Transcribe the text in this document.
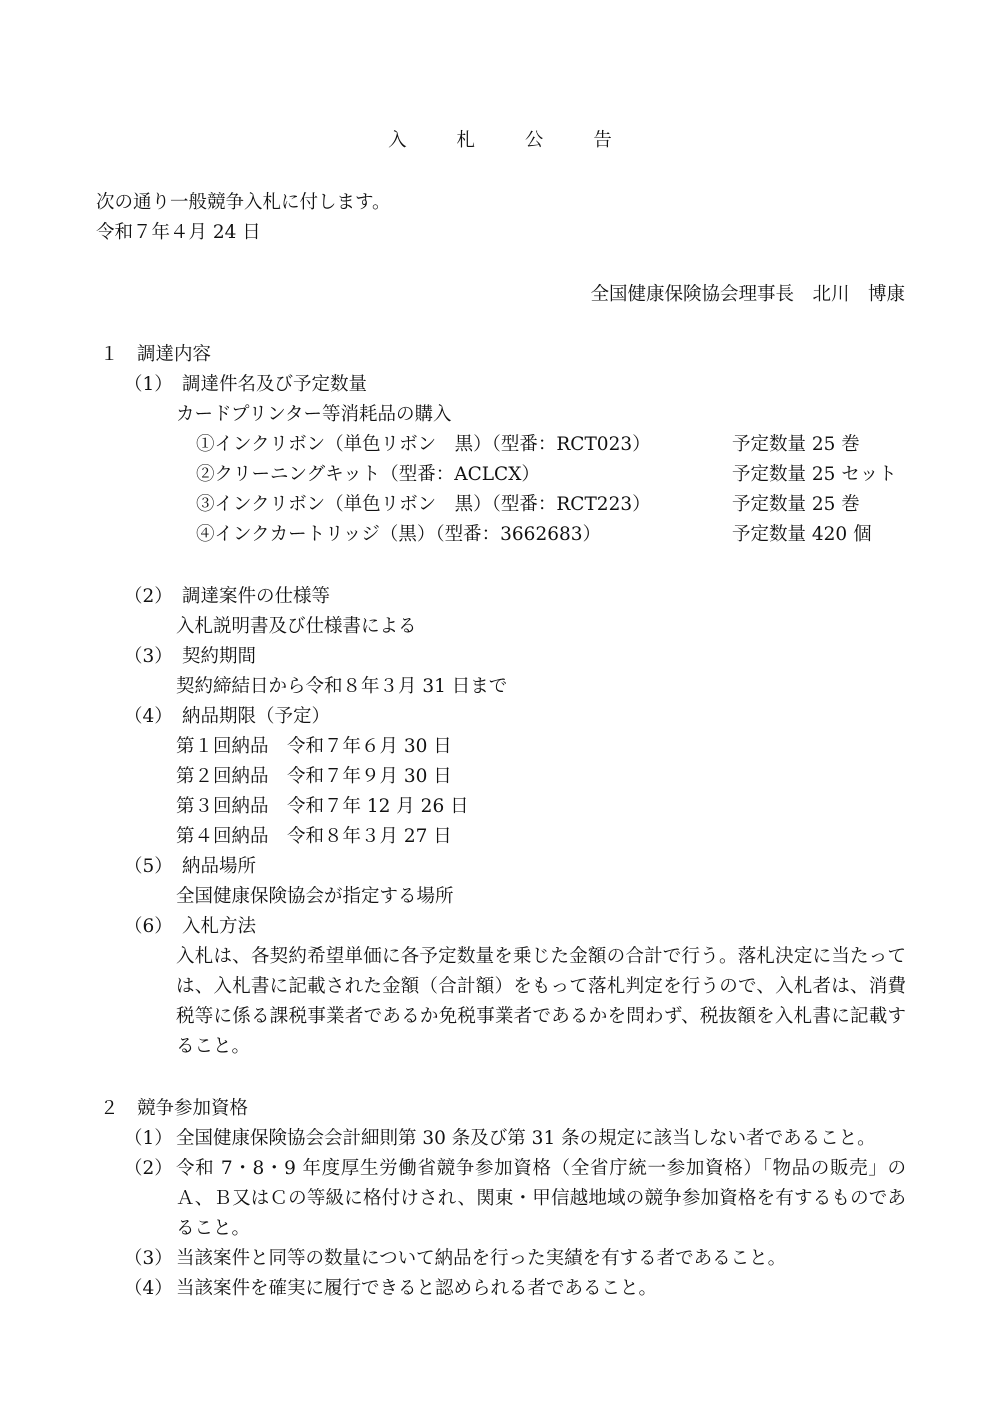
入 札 公 告
次の通り一般競争入札に付します。
令和７年４月 24 日
全国健康保険協会理事長　北川　博康
１　調達内容
（1）　調達件名及び予定数量
カードプリンター等消耗品の購入
①インクリボン（単色リボン　黒）（型番：RCT023）	予定数量 25 巻
②クリーニングキット（型番：ACLCX）	予定数量 25 セット
③インクリボン（単色リボン　黒）（型番：RCT223）	予定数量 25 巻
④インクカートリッジ（黒）（型番：3662683）	予定数量 420 個
（2）　調達案件の仕様等
入札説明書及び仕様書による
（3）　契約期間
契約締結日から令和８年３月 31 日まで
（4）　納品期限（予定）
第１回納品　令和７年６月 30 日
第２回納品　令和７年９月 30 日
第３回納品　令和７年 12 月 26 日
第４回納品　令和８年３月 27 日
（5）　納品場所
全国健康保険協会が指定する場所
（6）　入札方法
入札は、各契約希望単価に各予定数量を乗じた金額の合計で行う。落札決定に当たっては、入札書に記載された金額（合計額）をもって落札判定を行うので、入札者は、消費税等に係る課税事業者であるか免税事業者であるかを問わず、税抜額を入札書に記載すること。
２　競争参加資格
（1） 全国健康保険協会会計細則第 30 条及び第 31 条の規定に該当しない者であること。
（2） 令和 7・8・9 年度厚生労働省競争参加資格（全省庁統一参加資格）「物品の販売」のＡ、Ｂ又はＣの等級に格付けされ、関東・甲信越地域の競争参加資格を有するものであること。
（3） 当該案件と同等の数量について納品を行った実績を有する者であること。
（4） 当該案件を確実に履行できると認められる者であること。
